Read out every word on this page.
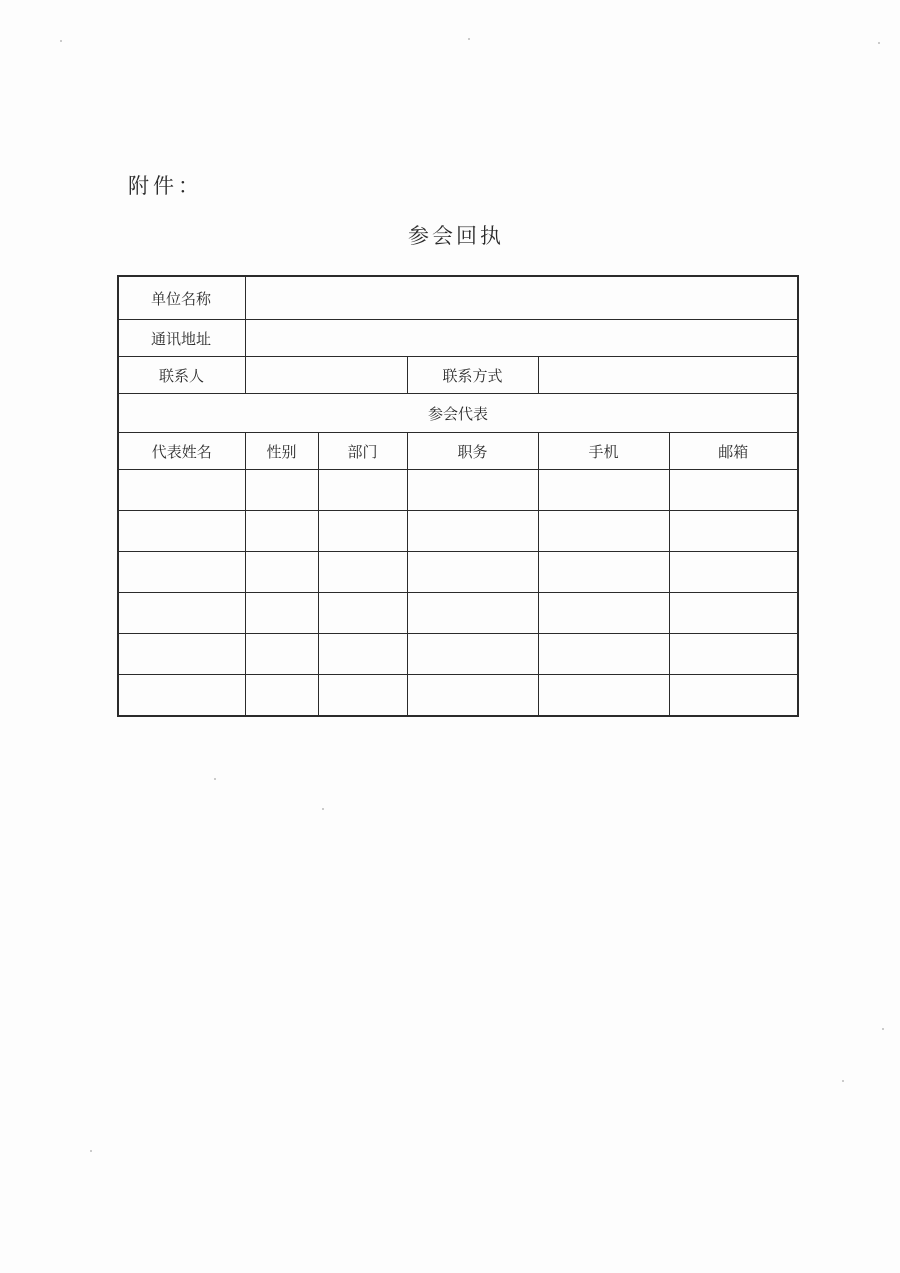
附件：
参会回执
单位名称					
通讯地址					
联系人			联系方式		
参会代表					
代表姓名	性别	部门	职务	手机	邮箱
